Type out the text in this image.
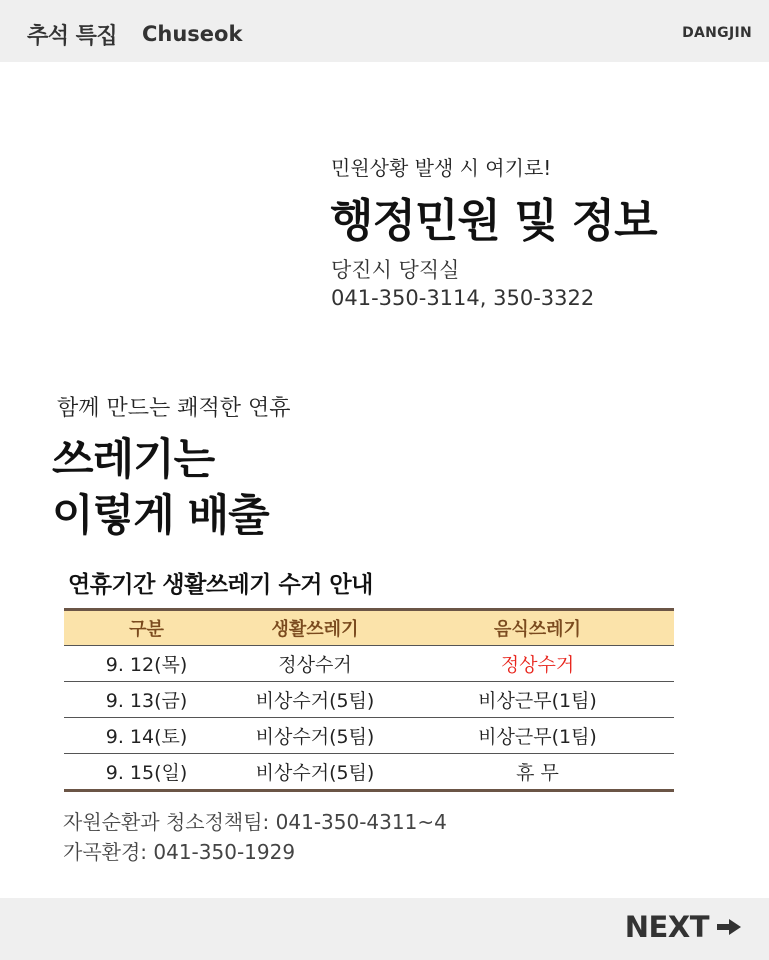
추석 특집 Chuseok	DANGJIN
민원상황 발생 시 여기로!
행정민원 및 정보
당진시 당직실
041-350-3114, 350-3322
함께 만드는 쾌적한 연휴
쓰레기는
이렇게 배출
연휴기간 생활쓰레기 수거 안내
구분	생활쓰레기	음식쓰레기
9. 12(목)	정상수거	정상수거
9. 13(금)	비상수거(5팀)	비상근무(1팀)
9. 14(토)	비상수거(5팀)	비상근무(1팀)
9. 15(일)	비상수거(5팀)	휴 무
자원순환과 청소정책팀: 041-350-4311~4
가곡환경: 041-350-1929
NEXT
